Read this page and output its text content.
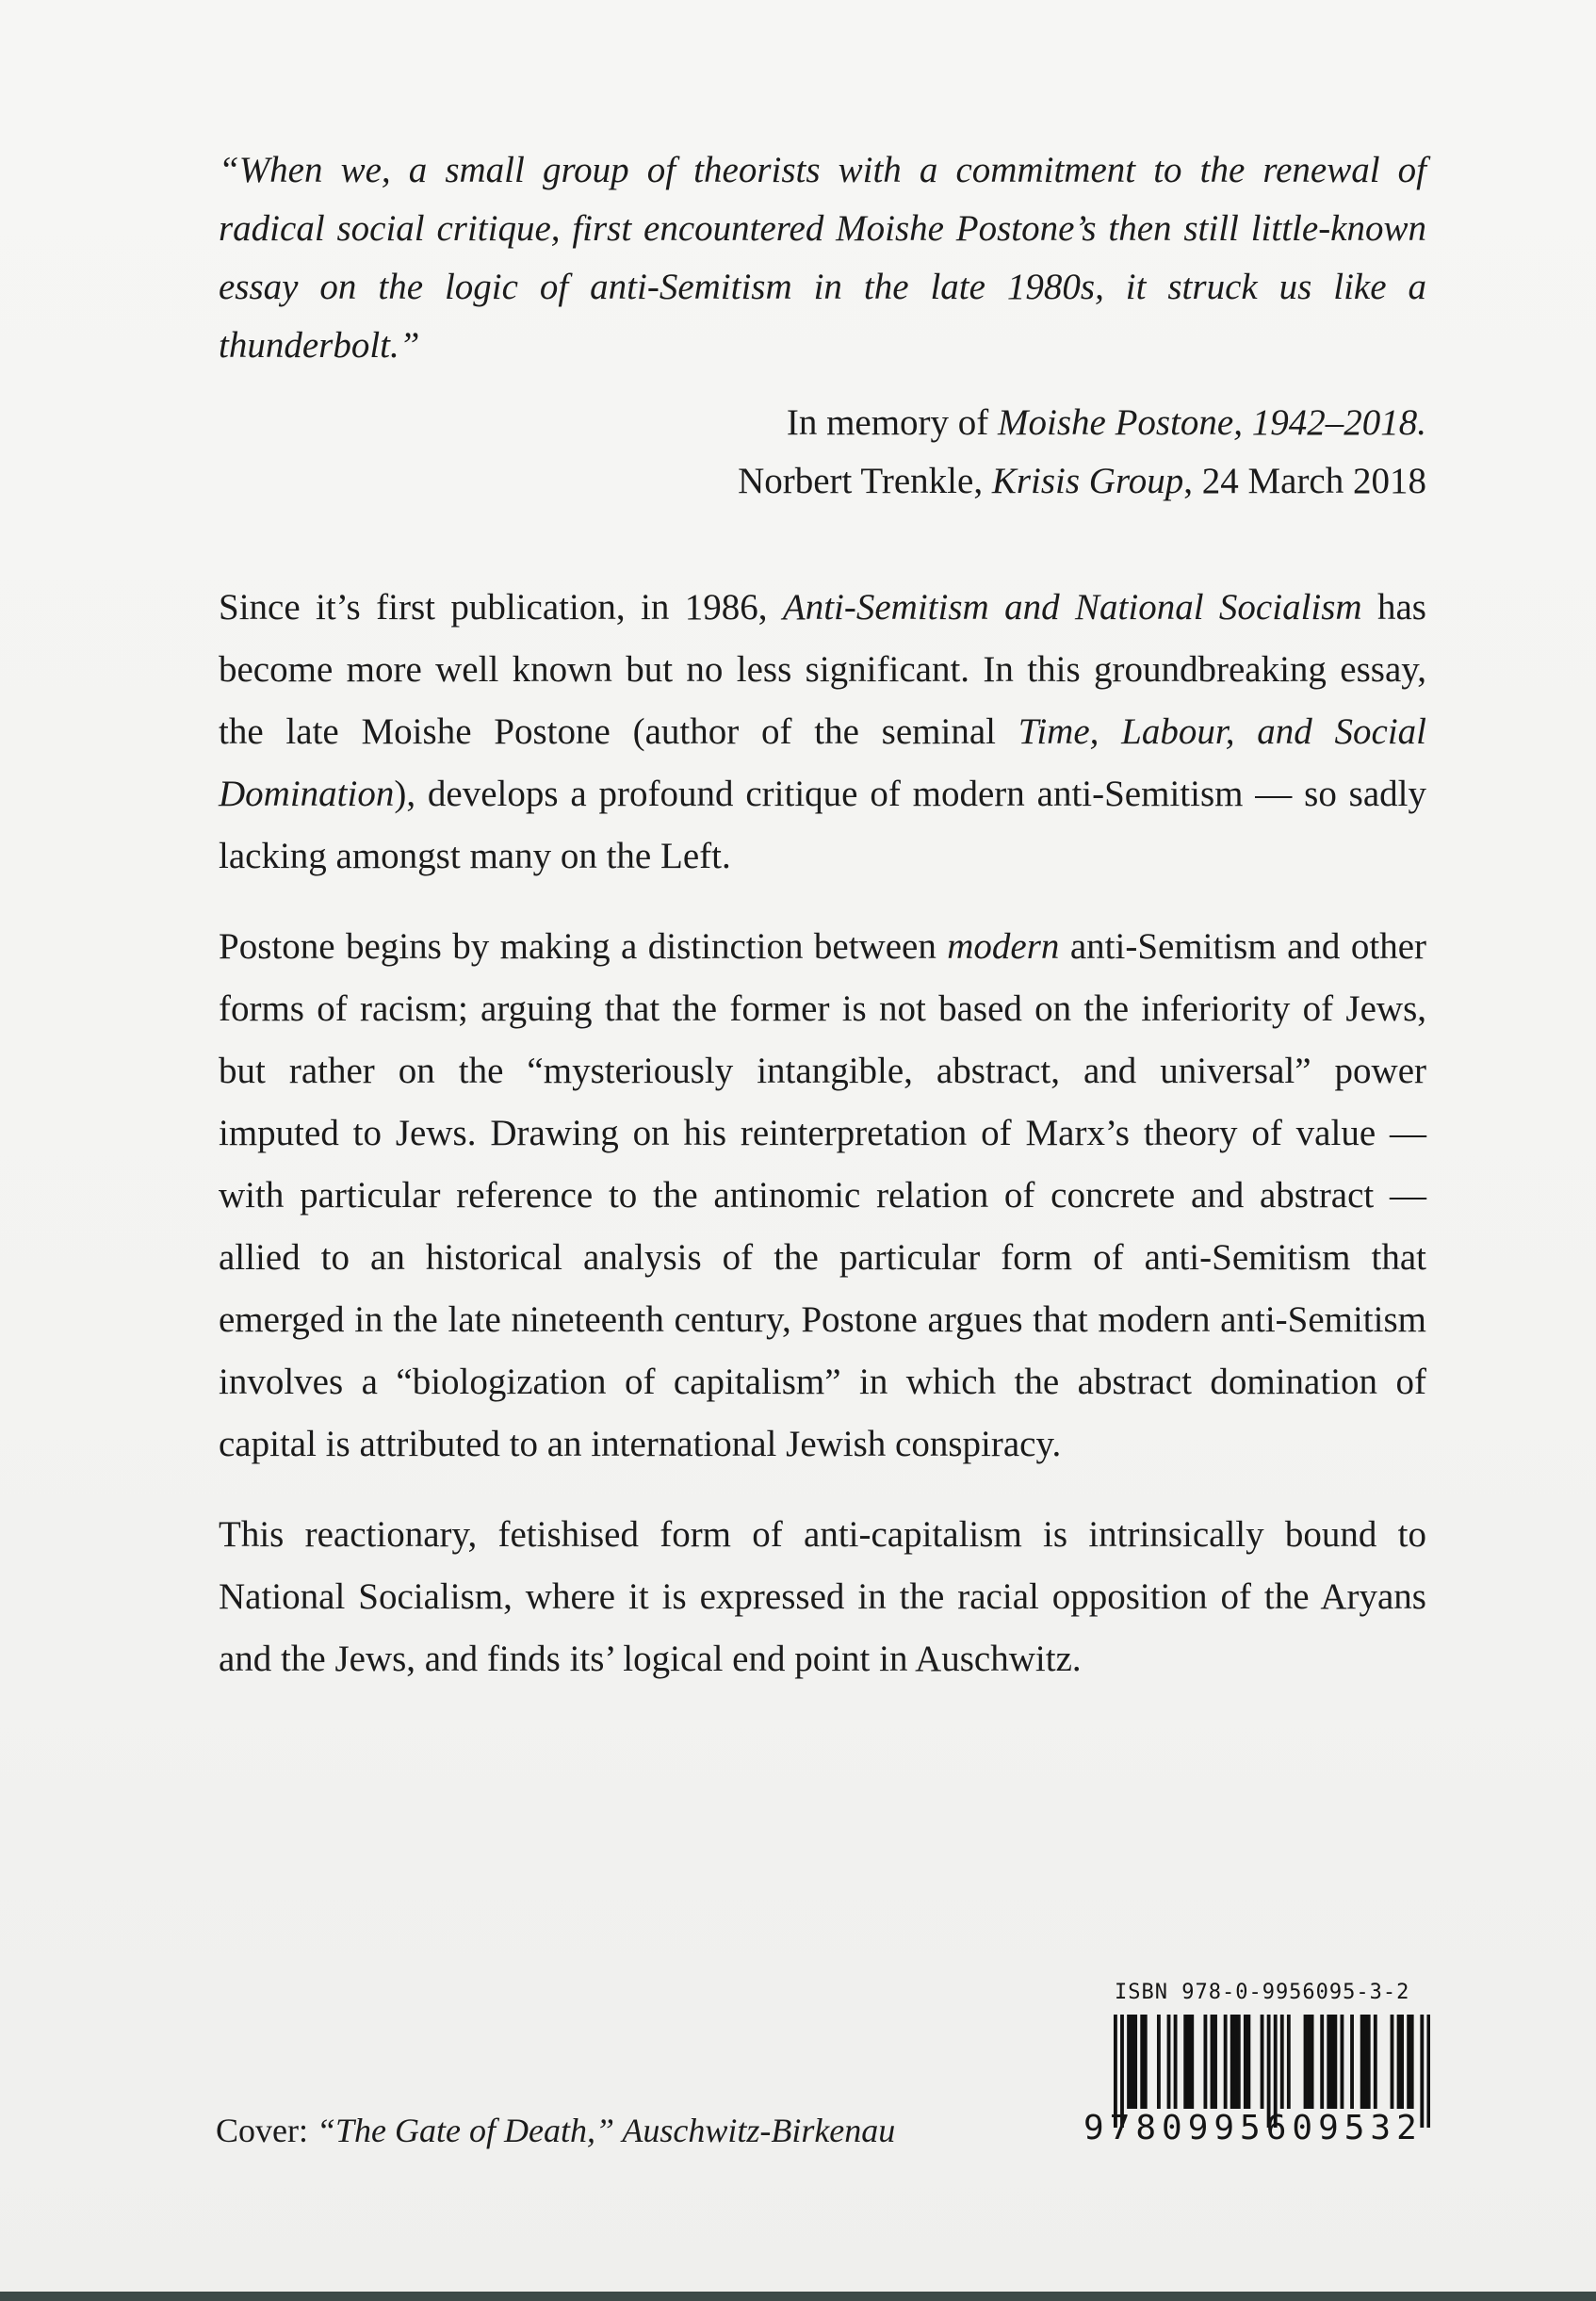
“When we, a small group of theorists with a commitment to the renewal of radical social critique, first encountered Moishe Postone’s then still little-known essay on the logic of anti-Semitism in the late 1980s, it struck us like a thunderbolt.”

In memory of Moishe Postone, 1942–2018.
Norbert Trenkle, Krisis Group, 24 March 2018

Since it’s first publication, in 1986, Anti-Semitism and National Socialism has become more well known but no less significant. In this groundbreaking essay, the late Moishe Postone (author of the seminal Time, Labour, and Social Domination), develops a profound critique of modern anti-Semitism — so sadly lacking amongst many on the Left.

Postone begins by making a distinction between modern anti-Semitism and other forms of racism; arguing that the former is not based on the inferiority of Jews, but rather on the “mysteriously intangible, abstract, and universal” power imputed to Jews. Drawing on his reinterpretation of Marx’s theory of value — with particular reference to the antinomic relation of concrete and abstract — allied to an historical analysis of the particular form of anti-Semitism that emerged in the late nineteenth century, Postone argues that modern anti-Semitism involves a “biologization of capitalism” in which the abstract domination of capital is attributed to an international Jewish conspiracy.

This reactionary, fetishised form of anti-capitalism is intrinsically bound to National Socialism, where it is expressed in the racial opposition of the Aryans and the Jews, and finds its’ logical end point in Auschwitz.

ISBN 978-0-9956095-3-2
9780995609532
Cover: “The Gate of Death,” Auschwitz-Birkenau
